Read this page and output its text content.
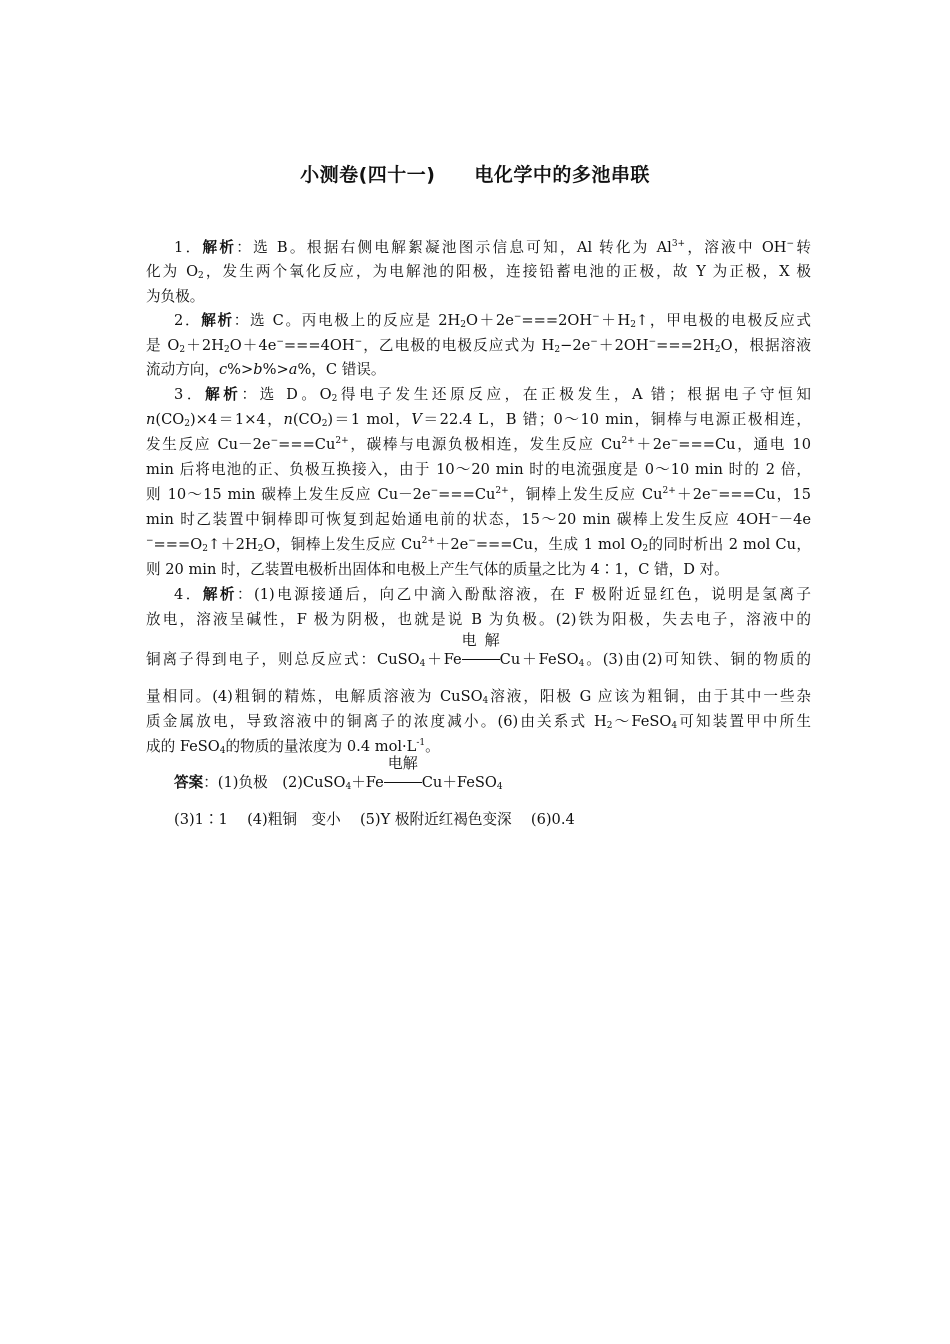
小测卷(四十一)　　电化学中的多池串联
1．解析：选 B。根据右侧电解絮凝池图示信息可知，Al 转化为 $Al^{3+}$，溶液中 OH−转
化为 $O_2$，发生两个氧化反应，为电解池的阳极，连接铅蓄电池的正极，故 Y 为正极，X 极
为负极。
2．解析：选 C。丙电极上的反应是 $2H_2O+2e^-===2OH^-+H_2↑$，甲电极的电极反应式
是 $O_2+2H_2O+4e^-===4OH^-$，乙电极的电极反应式为 $H_2-2e^-+2OH^-===2H_2O$，根据溶液
流动方向，c%>b%>a%，C 错误。
3．解析：选 D。$O_2$得电子发生还原反应，在正极发生，A 错；根据电子守恒知
$n(CO_2)\times 4=1\times 4$，$n(CO_2)=1$ mol，V＝22.4 L，B 错；0～10 min，铜棒与电源正极相连，
发生反应 $Cu-2e^-===Cu^{2+}$，碳棒与电源负极相连，发生反应 $Cu^{2+}+2e^-===Cu$，通电 10
min 后将电池的正、负极互换接入，由于 10～20 min 时的电流强度是 0～10 min 时的 2 倍，
则 10～15 min 碳棒上发生反应 $Cu-2e^-===Cu^{2+}$，铜棒上发生反应 $Cu^{2+}+2e^-===Cu$，15
min 时乙装置中铜棒即可恢复到起始通电前的状态，15～20 min 碳棒上发生反应 4OH⁻－4e
$^-===O_2↑+2H_2O$，铜棒上发生反应 $Cu^{2+}+2e^-===Cu$，生成 1 mol $O_2$的同时析出 2 mol Cu，
则 20 min 时，乙装置电极析出固体和电极上产生气体的质量之比为 4∶1，C 错，D 对。
4．解析：(1)电源接通后，向乙中滴入酚酞溶液，在 F 极附近显红色，说明是氢离子
放电，溶液呈碱性，F 极为阴极，也就是说 B 为负极。(2)铁为阳极，失去电子，溶液中的
铜离子得到电子，则总反应式：CuSO$_4$＋Fe
电解
Cu＋FeSO$_4$。(3)由(2)可知铁、铜的物质的
量相同。(4)粗铜的精炼，电解质溶液为 CuSO$_4$溶液，阳极 G 应该为粗铜，由于其中一些杂
质金属放电，导致溶液中的铜离子的浓度减小。(6)由关系式 $H_2\sim FeSO_4$可知装置甲中所生
成的 FeSO$_4$的物质的量浓度为 0.4 $mol\cdot L^{-1}$。
答案：(1)负极　(2)CuSO$_4$＋Fe
电解
Cu＋FeSO$_4$
(3)1∶1　 (4)粗铜　变小　 (5)Y 极附近红褐色变深　 (6)0.4
